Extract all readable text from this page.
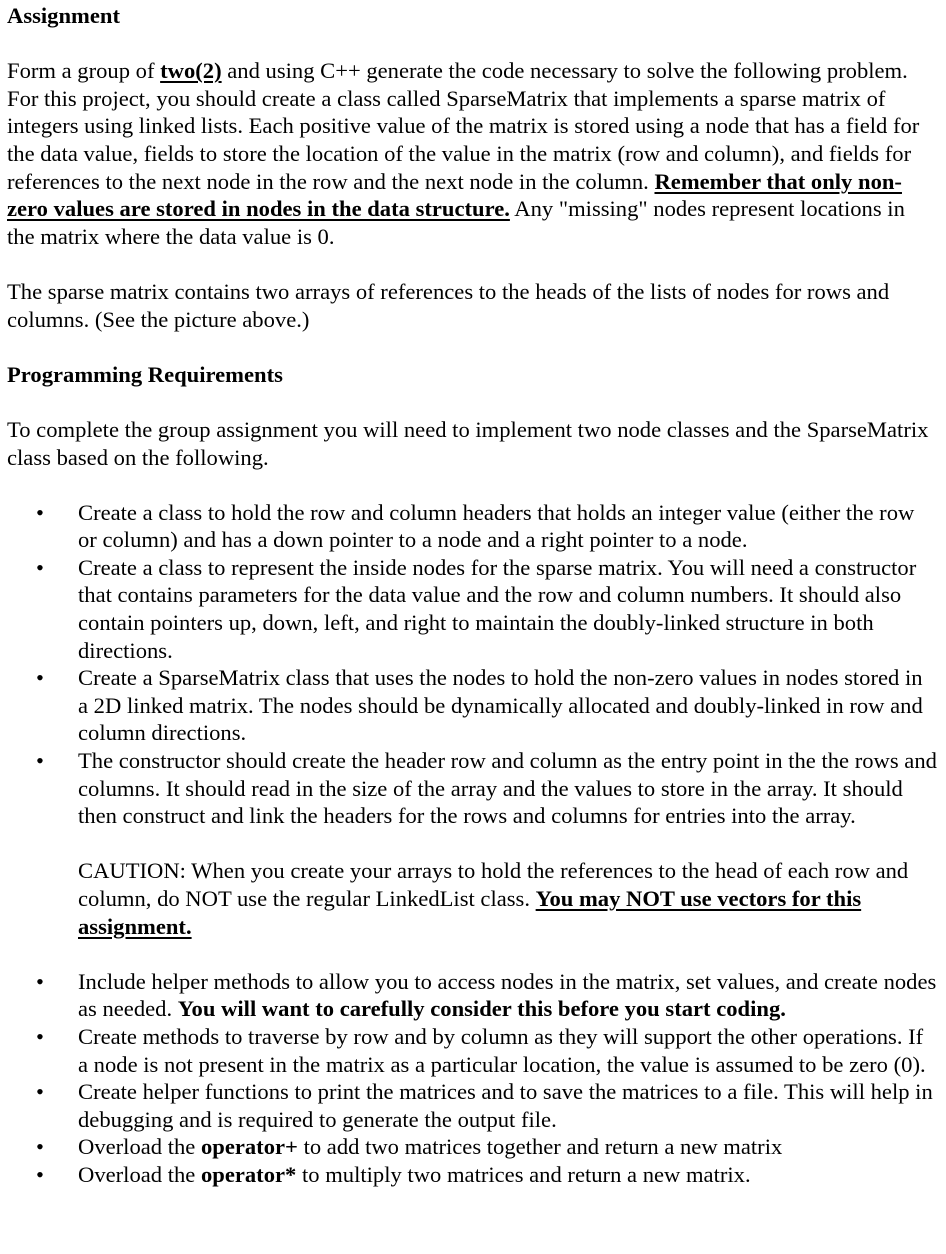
Assignment

Form a group of two(2) and using C++ generate the code necessary to solve the following problem. For this project, you should create a class called SparseMatrix that implements a sparse matrix of integers using linked lists. Each positive value of the matrix is stored using a node that has a field for the data value, fields to store the location of the value in the matrix (row and column), and fields for references to the next node in the row and the next node in the column. Remember that only non-zero values are stored in nodes in the data structure. Any "missing" nodes represent locations in the matrix where the data value is 0.

The sparse matrix contains two arrays of references to the heads of the lists of nodes for rows and columns. (See the picture above.)

Programming Requirements

To complete the group assignment you will need to implement two node classes and the SparseMatrix class based on the following.

• Create a class to hold the row and column headers that holds an integer value (either the row or column) and has a down pointer to a node and a right pointer to a node.
• Create a class to represent the inside nodes for the sparse matrix. You will need a constructor that contains parameters for the data value and the row and column numbers. It should also contain pointers up, down, left, and right to maintain the doubly-linked structure in both directions.
• Create a SparseMatrix class that uses the nodes to hold the non-zero values in nodes stored in a 2D linked matrix. The nodes should be dynamically allocated and doubly-linked in row and column directions.
• The constructor should create the header row and column as the entry point in the the rows and columns. It should read in the size of the array and the values to store in the array. It should then construct and link the headers for the rows and columns for entries into the array.

CAUTION: When you create your arrays to hold the references to the head of each row and column, do NOT use the regular LinkedList class. You may NOT use vectors for this assignment.

• Include helper methods to allow you to access nodes in the matrix, set values, and create nodes as needed. You will want to carefully consider this before you start coding.
• Create methods to traverse by row and by column as they will support the other operations. If a node is not present in the matrix as a particular location, the value is assumed to be zero (0).
• Create helper functions to print the matrices and to save the matrices to a file. This will help in debugging and is required to generate the output file.
• Overload the operator+ to add two matrices together and return a new matrix
• Overload the operator* to multiply two matrices and return a new matrix.
